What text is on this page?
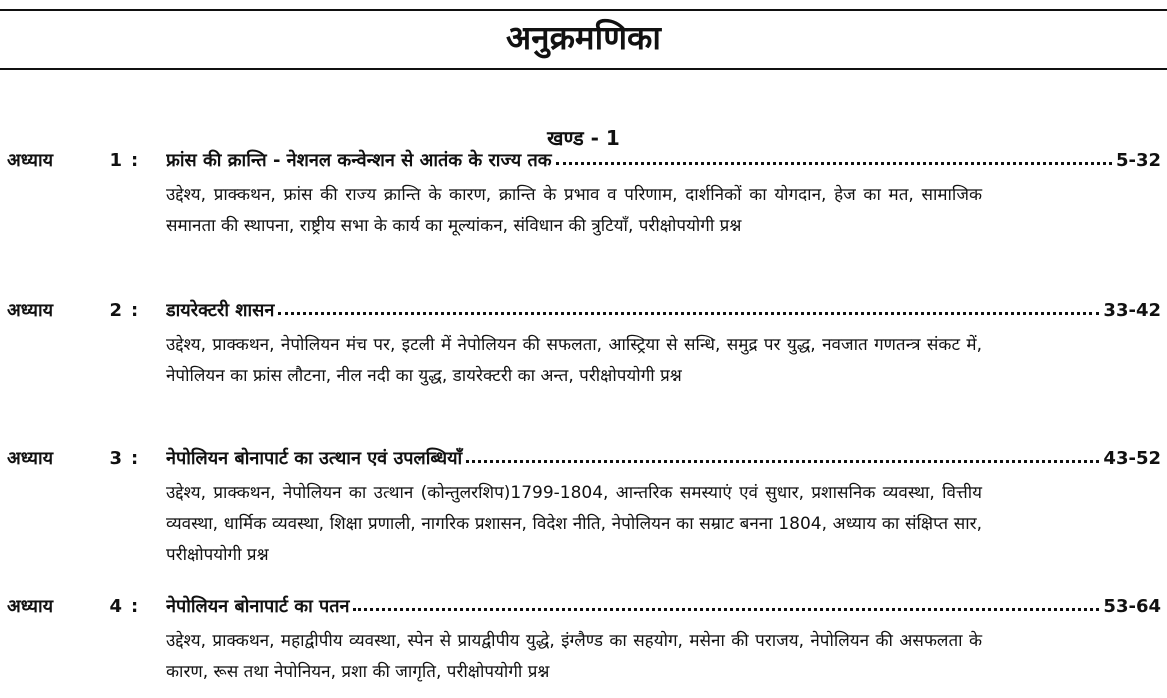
अनुक्रमणिका
खण्ड - 1
अध्याय	1 : फ्रांस की क्रान्ति - नेशनल कन्वेन्शन से आतंक के राज्य तक	5-32
उद्देश्य, प्राक्कथन, फ्रांस की राज्य क्रान्ति के कारण, क्रान्ति के प्रभाव व परिणाम, दार्शनिकों का योगदान, हेज का मत, सामाजिक समानता की स्थापना, राष्ट्रीय सभा के कार्य का मूल्यांकन, संविधान की त्रुटियाँ, परीक्षोपयोगी प्रश्न
अध्याय	2 : डायरेक्टरी शासन	33-42
उद्देश्य, प्राक्कथन, नेपोलियन मंच पर, इटली में नेपोलियन की सफलता, आस्ट्रिया से सन्धि, समुद्र पर युद्ध, नवजात गणतन्त्र संकट में, नेपोलियन का फ्रांस लौटना, नील नदी का युद्ध, डायरेक्टरी का अन्त, परीक्षोपयोगी प्रश्न
अध्याय	3 : नेपोलियन बोनापार्ट का उत्थान एवं उपलब्धियाँ	43-52
उद्देश्य, प्राक्कथन, नेपोलियन का उत्थान (कोन्तुलरशिप)1799-1804, आन्तरिक समस्याएं एवं सुधार, प्रशासनिक व्यवस्था, वित्तीय व्यवस्था, धार्मिक व्यवस्था, शिक्षा प्रणाली, नागरिक प्रशासन, विदेश नीति, नेपोलियन का सम्राट बनना 1804, अध्याय का संक्षिप्त सार, परीक्षोपयोगी प्रश्न
अध्याय	4 : नेपोलियन बोनापार्ट का पतन	53-64
उद्देश्य, प्राक्कथन, महाद्वीपीय व्यवस्था, स्पेन से प्रायद्वीपीय युद्धे, इंग्लैण्ड का सहयोग, मसेना की पराजय, नेपोलियन की असफलता के कारण, रूस तथा नेपोनियन, प्रशा की जागृति, परीक्षोपयोगी प्रश्न
